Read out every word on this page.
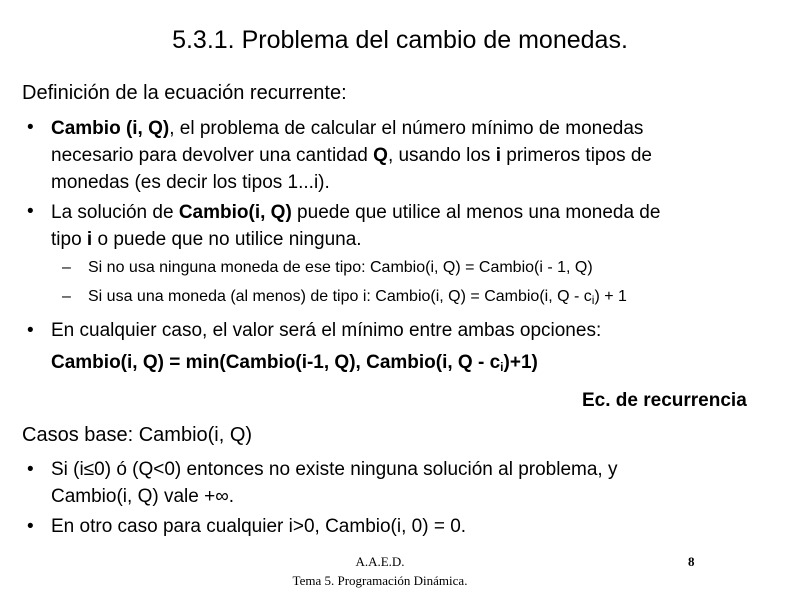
5.3.1. Problema del cambio de monedas.
Definición de la ecuación recurrente:
• Cambio (i, Q), el problema de calcular el número mínimo de monedas
necesario para devolver una cantidad Q, usando los i primeros tipos de
monedas (es decir los tipos 1...i).
• La solución de Cambio(i, Q) puede que utilice al menos una moneda de
tipo i o puede que no utilice ninguna.
– Si no usa ninguna moneda de ese tipo: Cambio(i, Q) = Cambio(i - 1, Q)
– Si usa una moneda (al menos) de tipo i: Cambio(i, Q) = Cambio(i, $Q - c_i) + 1$
• En cualquier caso, el valor será el mínimo entre ambas opciones:
Cambio(i, Q) = min(Cambio(i-1, Q), Cambio(i, $Q - c_i)+1$)
Ec. de recurrencia
Casos base: Cambio(i, Q)
• Si (i≤0) ó (Q<0) entonces no existe ninguna solución al problema, y
Cambio(i, Q) vale +∞.
• En otro caso para cualquier i>0, Cambio(i, 0) = 0.
A.A.E.D.
Tema 5. Programación Dinámica.
8
